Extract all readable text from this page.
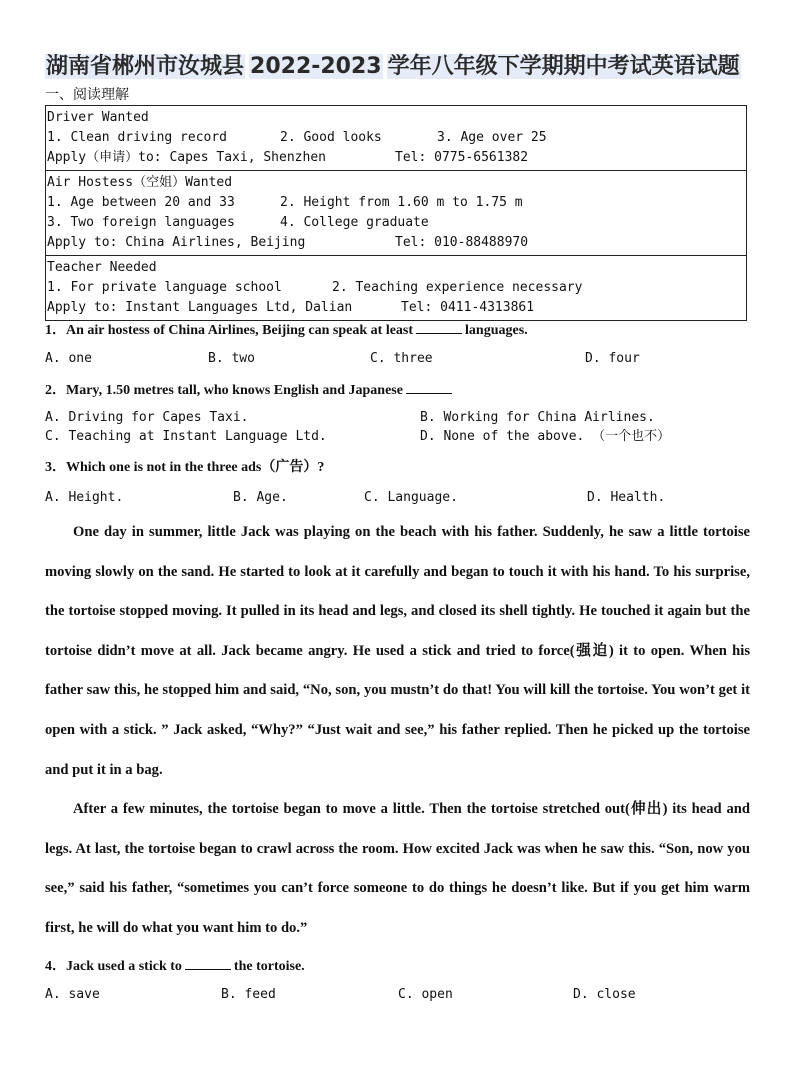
湖南省郴州市汝城县 2022-2023 学年八年级下学期期中考试英语试题
一、阅读理解
Driver Wanted

1. Clean driving record

	2. Good looks

	3. Age over 25

Apply（申请）to: Capes Taxi, Shenzhen

	Tel: 0775-6561382

Air Hostess（空姐）Wanted

1. Age between 20 and 33

	2. Height from 1.60 m to 1.75 m

3. Two foreign languages

	4. College graduate

Apply to: China Airlines, Beijing

	Tel: 010-88488970

Teacher Needed

1. For private language school

	2. Teaching experience necessary

Apply to: Instant Languages Ltd, Dalian

	Tel: 0411-4313861

1．An air hostess of China Airlines, Beijing can speak at least	languages.
A. one	B. two	C. three	D. four
2．Mary, 1.50 metres tall, who knows English and Japanese
A. Driving for Capes Taxi.	B. Working for China Airlines.
C. Teaching at Instant Language Ltd.	D. None of the above. （一个也不）
3．Which one is not in the three ads（广告）?
A. Height.	B. Age.	C. Language.	D. Health.

One day in summer, little Jack was playing on the beach with his father. Suddenly, he saw a little tortoise moving slowly on the sand. He started to look at it carefully and began to touch it with his hand. To his surprise, the tortoise stopped moving. It pulled in its head and legs, and closed its shell tightly. He touched it again but the tortoise didn’t move at all. Jack became angry. He used a stick and tried to force(强迫) it to open. When his father saw this, he stopped him and said, “No, son, you mustn’t do that! You will kill the tortoise. You won’t get it open with a stick. ” Jack asked, “Why?” “Just wait and see,” his father replied. Then he picked up the tortoise and put it in a bag.

After a few minutes, the tortoise began to move a little. Then the tortoise stretched out(伸出) its head and legs. At last, the tortoise began to crawl across the room. How excited Jack was when he saw this. “Son, now you see,” said his father, “sometimes you can’t force someone to do things he doesn’t like. But if you get him warm first, he will do what you want him to do.”

4．Jack used a stick to	the tortoise.
A. save	B. feed	C. open	D. close
